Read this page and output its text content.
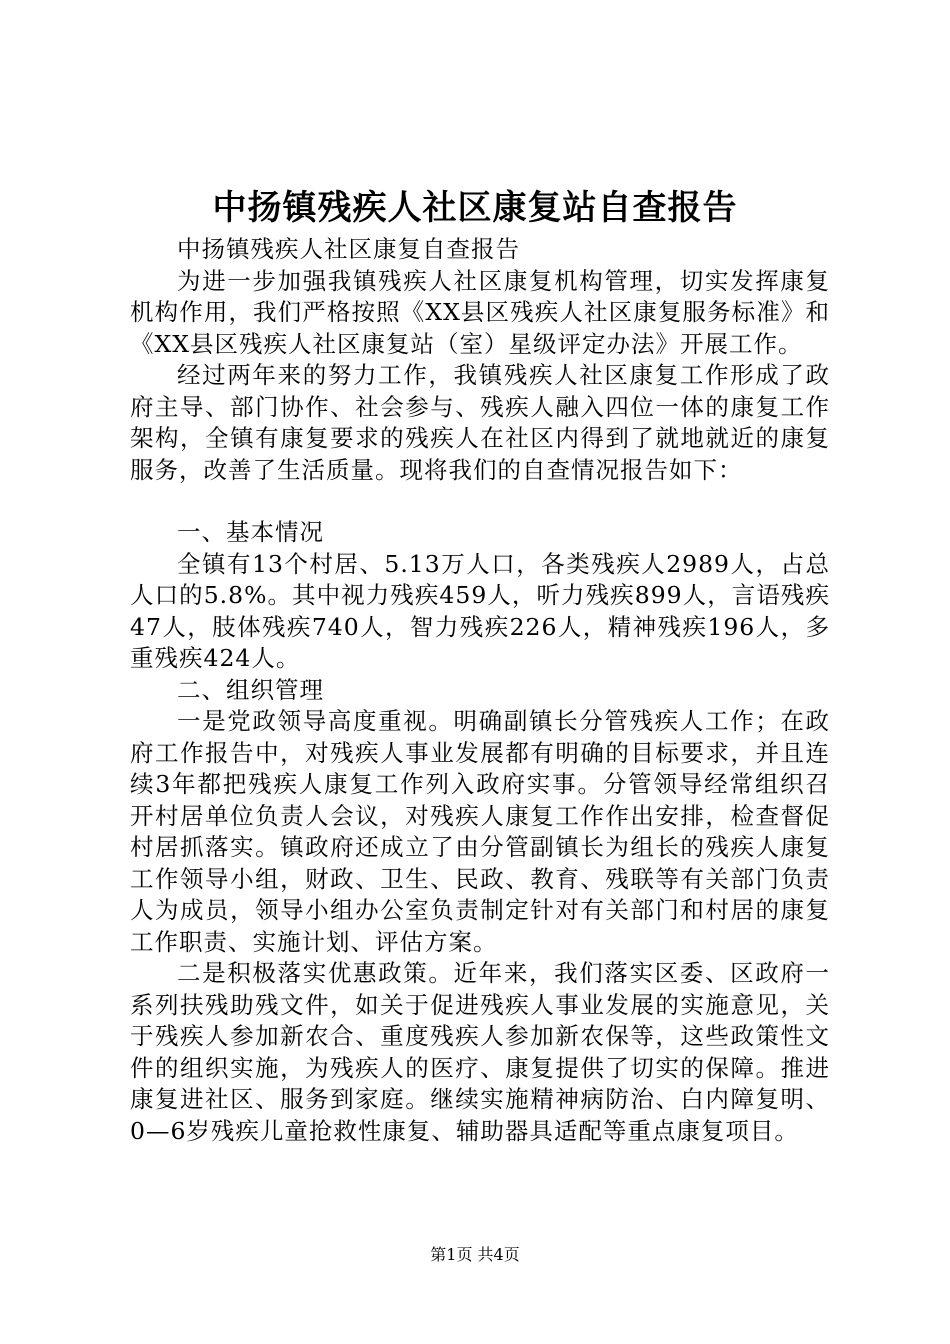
中扬镇残疾人社区康复站自查报告

中扬镇残疾人社区康复自查报告

为进一步加强我镇残疾人社区康复机构管理，切实发挥康复机构作用，我们严格按照《XX县区残疾人社区康复服务标准》和《XX县区残疾人社区康复站（室）星级评定办法》开展工作。

经过两年来的努力工作，我镇残疾人社区康复工作形成了政府主导、部门协作、社会参与、残疾人融入四位一体的康复工作架构，全镇有康复要求的残疾人在社区内得到了就地就近的康复服务，改善了生活质量。现将我们的自查情况报告如下：

一、基本情况

全镇有13个村居、5.13万人口，各类残疾人2989人，占总人口的5.8%。其中视力残疾459人，听力残疾899人，言语残疾47人，肢体残疾740人，智力残疾226人，精神残疾196人，多重残疾424人。

二、组织管理

一是党政领导高度重视。明确副镇长分管残疾人工作；在政府工作报告中，对残疾人事业发展都有明确的目标要求，并且连续3年都把残疾人康复工作列入政府实事。分管领导经常组织召开村居单位负责人会议，对残疾人康复工作作出安排，检查督促村居抓落实。镇政府还成立了由分管副镇长为组长的残疾人康复工作领导小组，财政、卫生、民政、教育、残联等有关部门负责人为成员，领导小组办公室负责制定针对有关部门和村居的康复工作职责、实施计划、评估方案。

二是积极落实优惠政策。近年来，我们落实区委、区政府一系列扶残助残文件，如关于促进残疾人事业发展的实施意见，关于残疾人参加新农合、重度残疾人参加新农保等，这些政策性文件的组织实施，为残疾人的医疗、康复提供了切实的保障。推进康复进社区、服务到家庭。继续实施精神病防治、白内障复明、0—6岁残疾儿童抢救性康复、辅助器具适配等重点康复项目。

第1页 共4页
